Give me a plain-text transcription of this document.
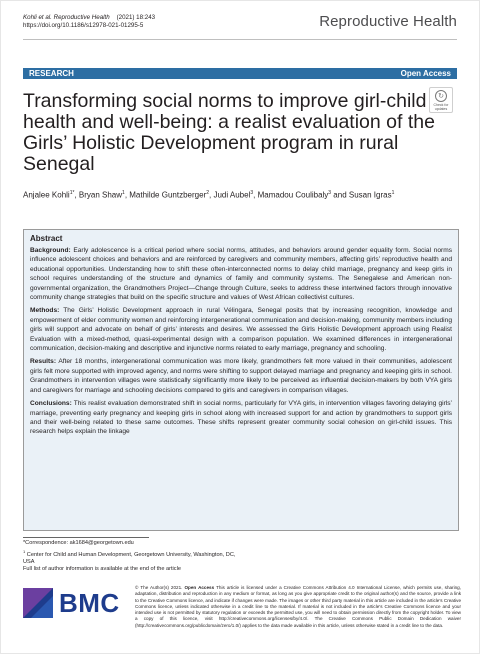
Kohli et al. Reproductive Health (2021) 18:243
https://doi.org/10.1186/s12978-021-01295-5	Reproductive Health
RESEARCH	Open Access
↻
Check for updates
Transforming social norms to improve girl-child health and well-being: a realist evaluation of the Girls’ Holistic Development program in rural Senegal
Anjalee Kohli$^{1*}$, Bryan Shaw$^1$, Mathilde Guntzberger$^2$, Judi Aubel$^3$, Mamadou Coulibaly$^3$ and Susan Igras$^1$
Abstract

Background: Early adolescence is a critical period where social norms, attitudes, and behaviors around gender equality form. Social norms influence adolescent choices and behaviors and are reinforced by caregivers and community members, affecting girls’ reproductive health and educational opportunities. Understanding how to shift these often-interconnected norms to delay child marriage, pregnancy and keep girls in school requires understanding of the structure and dynamics of family and community systems. The Senegalese and American non-governmental organization, the Grandmothers Project—Change through Culture, seeks to address these intertwined factors through innovative community change strategies that build on the specific structure and values of West African collectivist cultures.

Methods: The Girls’ Holistic Development approach in rural Vélingara, Senegal posits that by increasing recognition, knowledge and empowerment of elder community women and reinforcing intergenerational communication and decision-making, community members including girls will support and advocate on behalf of girls’ interests and desires. We assessed the Girls Holistic Development approach using Realist Evaluation with a mixed-method, quasi-experimental design with a comparison population. We examined differences in intergenerational communication, decision-making and descriptive and injunctive norms related to early marriage, pregnancy and schooling.

Results: After 18 months, intergenerational communication was more likely, grandmothers felt more valued in their communities, adolescent girls felt more supported with improved agency, and norms were shifting to support delayed marriage and pregnancy and keeping girls in school. Grandmothers in intervention villages were statistically significantly more likely to be perceived as influential decision-makers by both VYA girls and caregivers for marriage and schooling decisions compared to girls and caregivers in comparison villages.

Conclusions: This realist evaluation demonstrated shift in social norms, particularly for VYA girls, in intervention villages favoring delaying girls’ marriage, preventing early pregnancy and keeping girls in school along with increased support for and action by grandmothers to support girls and their well-being related to these same outcomes. These shifts represent greater community social cohesion on girl-child issues. This research helps explain the linkage

*Correspondence: ak1684@georgetown.edu
$^1$ Center for Child and Human Development, Georgetown University, Washington, DC, USA
Full list of author information is available at the end of the article
BMC	© The Author(s) 2021. Open Access This article is licensed under a Creative Commons Attribution 4.0 International License, which permits use, sharing, adaptation, distribution and reproduction in any medium or format, as long as you give appropriate credit to the original author(s) and the source, provide a link to the Creative Commons licence, and indicate if changes were made. The images or other third party material in this article are included in the article’s Creative Commons licence, unless indicated otherwise in a credit line to the material. If material is not included in the article’s Creative Commons licence and your intended use is not permitted by statutory regulation or exceeds the permitted use, you will need to obtain permission directly from the copyright holder. To view a copy of this licence, visit http://creativecommons.org/licenses/by/4.0/. The Creative Commons Public Domain Dedication waiver (http://creativecommons.org/publicdomain/zero/1.0/) applies to the data made available in this article, unless otherwise stated in a credit line to the data.
